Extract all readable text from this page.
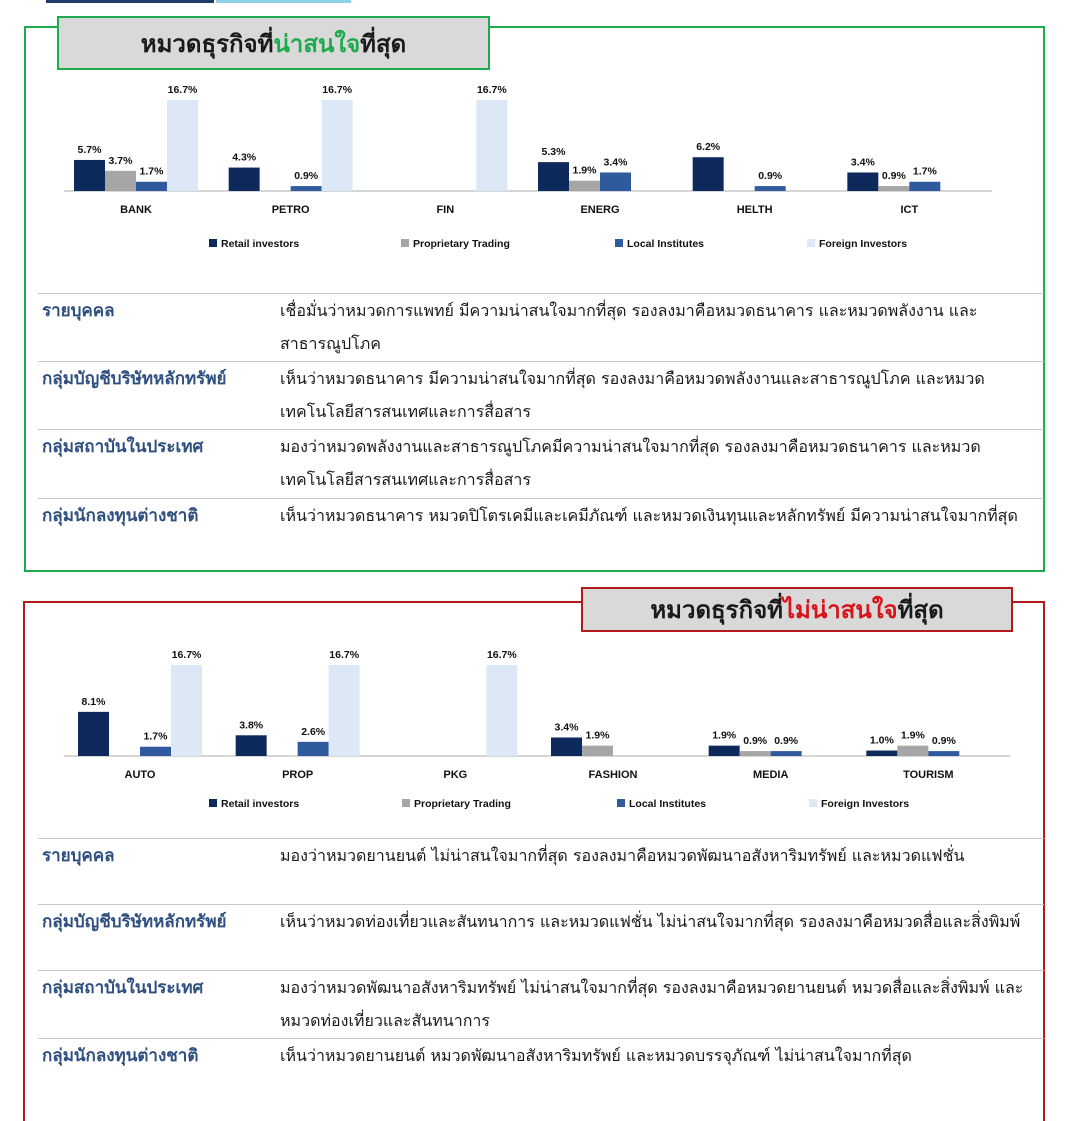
หมวดธุรกิจที่ น่าสนใจ ที่สุด
5.7%
3.7%
1.7%
16.7%
BANK
4.3%
0.9%
16.7%
PETRO
16.7%
FIN
5.3%
1.9%
3.4%
ENERG
6.2%
0.9%
HELTH
3.4%
0.9% 1.7%
ICT
Retail investors	Proprietary Trading	Local Institutes	Foreign Investors
รายบุคคล	เชื่อมั่นว่าหมวดการแพทย์ มีความน่าสนใจมากที่สุด รองลงมาคือหมวดธนาคาร และหมวดพลังงาน และสาธารณูปโภค
กลุ่มบัญชีบริษัทหลักทรัพย์	เห็นว่าหมวดธนาคาร มีความน่าสนใจมากที่สุด รองลงมาคือหมวดพลังงานและสาธารณูปโภค และหมวดเทคโนโลยีสารสนเทศและการสื่อสาร
กลุ่มสถาบันในประเทศ	มองว่าหมวดพลังงานและสาธารณูปโภคมีความน่าสนใจมากที่สุด รองลงมาคือหมวดธนาคาร และหมวดเทคโนโลยีสารสนเทศและการสื่อสาร
กลุ่มนักลงทุนต่างชาติ	เห็นว่าหมวดธนาคาร หมวดปิโตรเคมีและเคมีภัณฑ์ และหมวดเงินทุนและหลักทรัพย์ มีความน่าสนใจมากที่สุด
หมวดธุรกิจที่ ไม่น่าสนใจ ที่สุด
8.1%
1.7%
16.7%
AUTO
3.8%
2.6%
16.7%
PROP
16.7%
PKG
3.4%
1.9%
FASHION
1.9% 0.9% 0.9%
MEDIA
1.0% 1.9% 0.9%
TOURISM
Retail investors	Proprietary Trading	Local Institutes	Foreign Investors
รายบุคคล	มองว่าหมวดยานยนต์ ไม่น่าสนใจมากที่สุด รองลงมาคือหมวดพัฒนาอสังหาริมทรัพย์ และหมวดแฟชั่น
กลุ่มบัญชีบริษัทหลักทรัพย์	เห็นว่าหมวดท่องเที่ยวและสันทนาการ และหมวดแฟชั่น ไม่น่าสนใจมากที่สุด รองลงมาคือหมวดสื่อและสิ่งพิมพ์
กลุ่มสถาบันในประเทศ	มองว่าหมวดพัฒนาอสังหาริมทรัพย์ ไม่น่าสนใจมากที่สุด รองลงมาคือหมวดยานยนต์ หมวดสื่อและสิ่งพิมพ์ และหมวดท่องเที่ยวและสันทนาการ
กลุ่มนักลงทุนต่างชาติ	เห็นว่าหมวดยานยนต์ หมวดพัฒนาอสังหาริมทรัพย์ และหมวดบรรจุภัณฑ์ ไม่น่าสนใจมากที่สุด
